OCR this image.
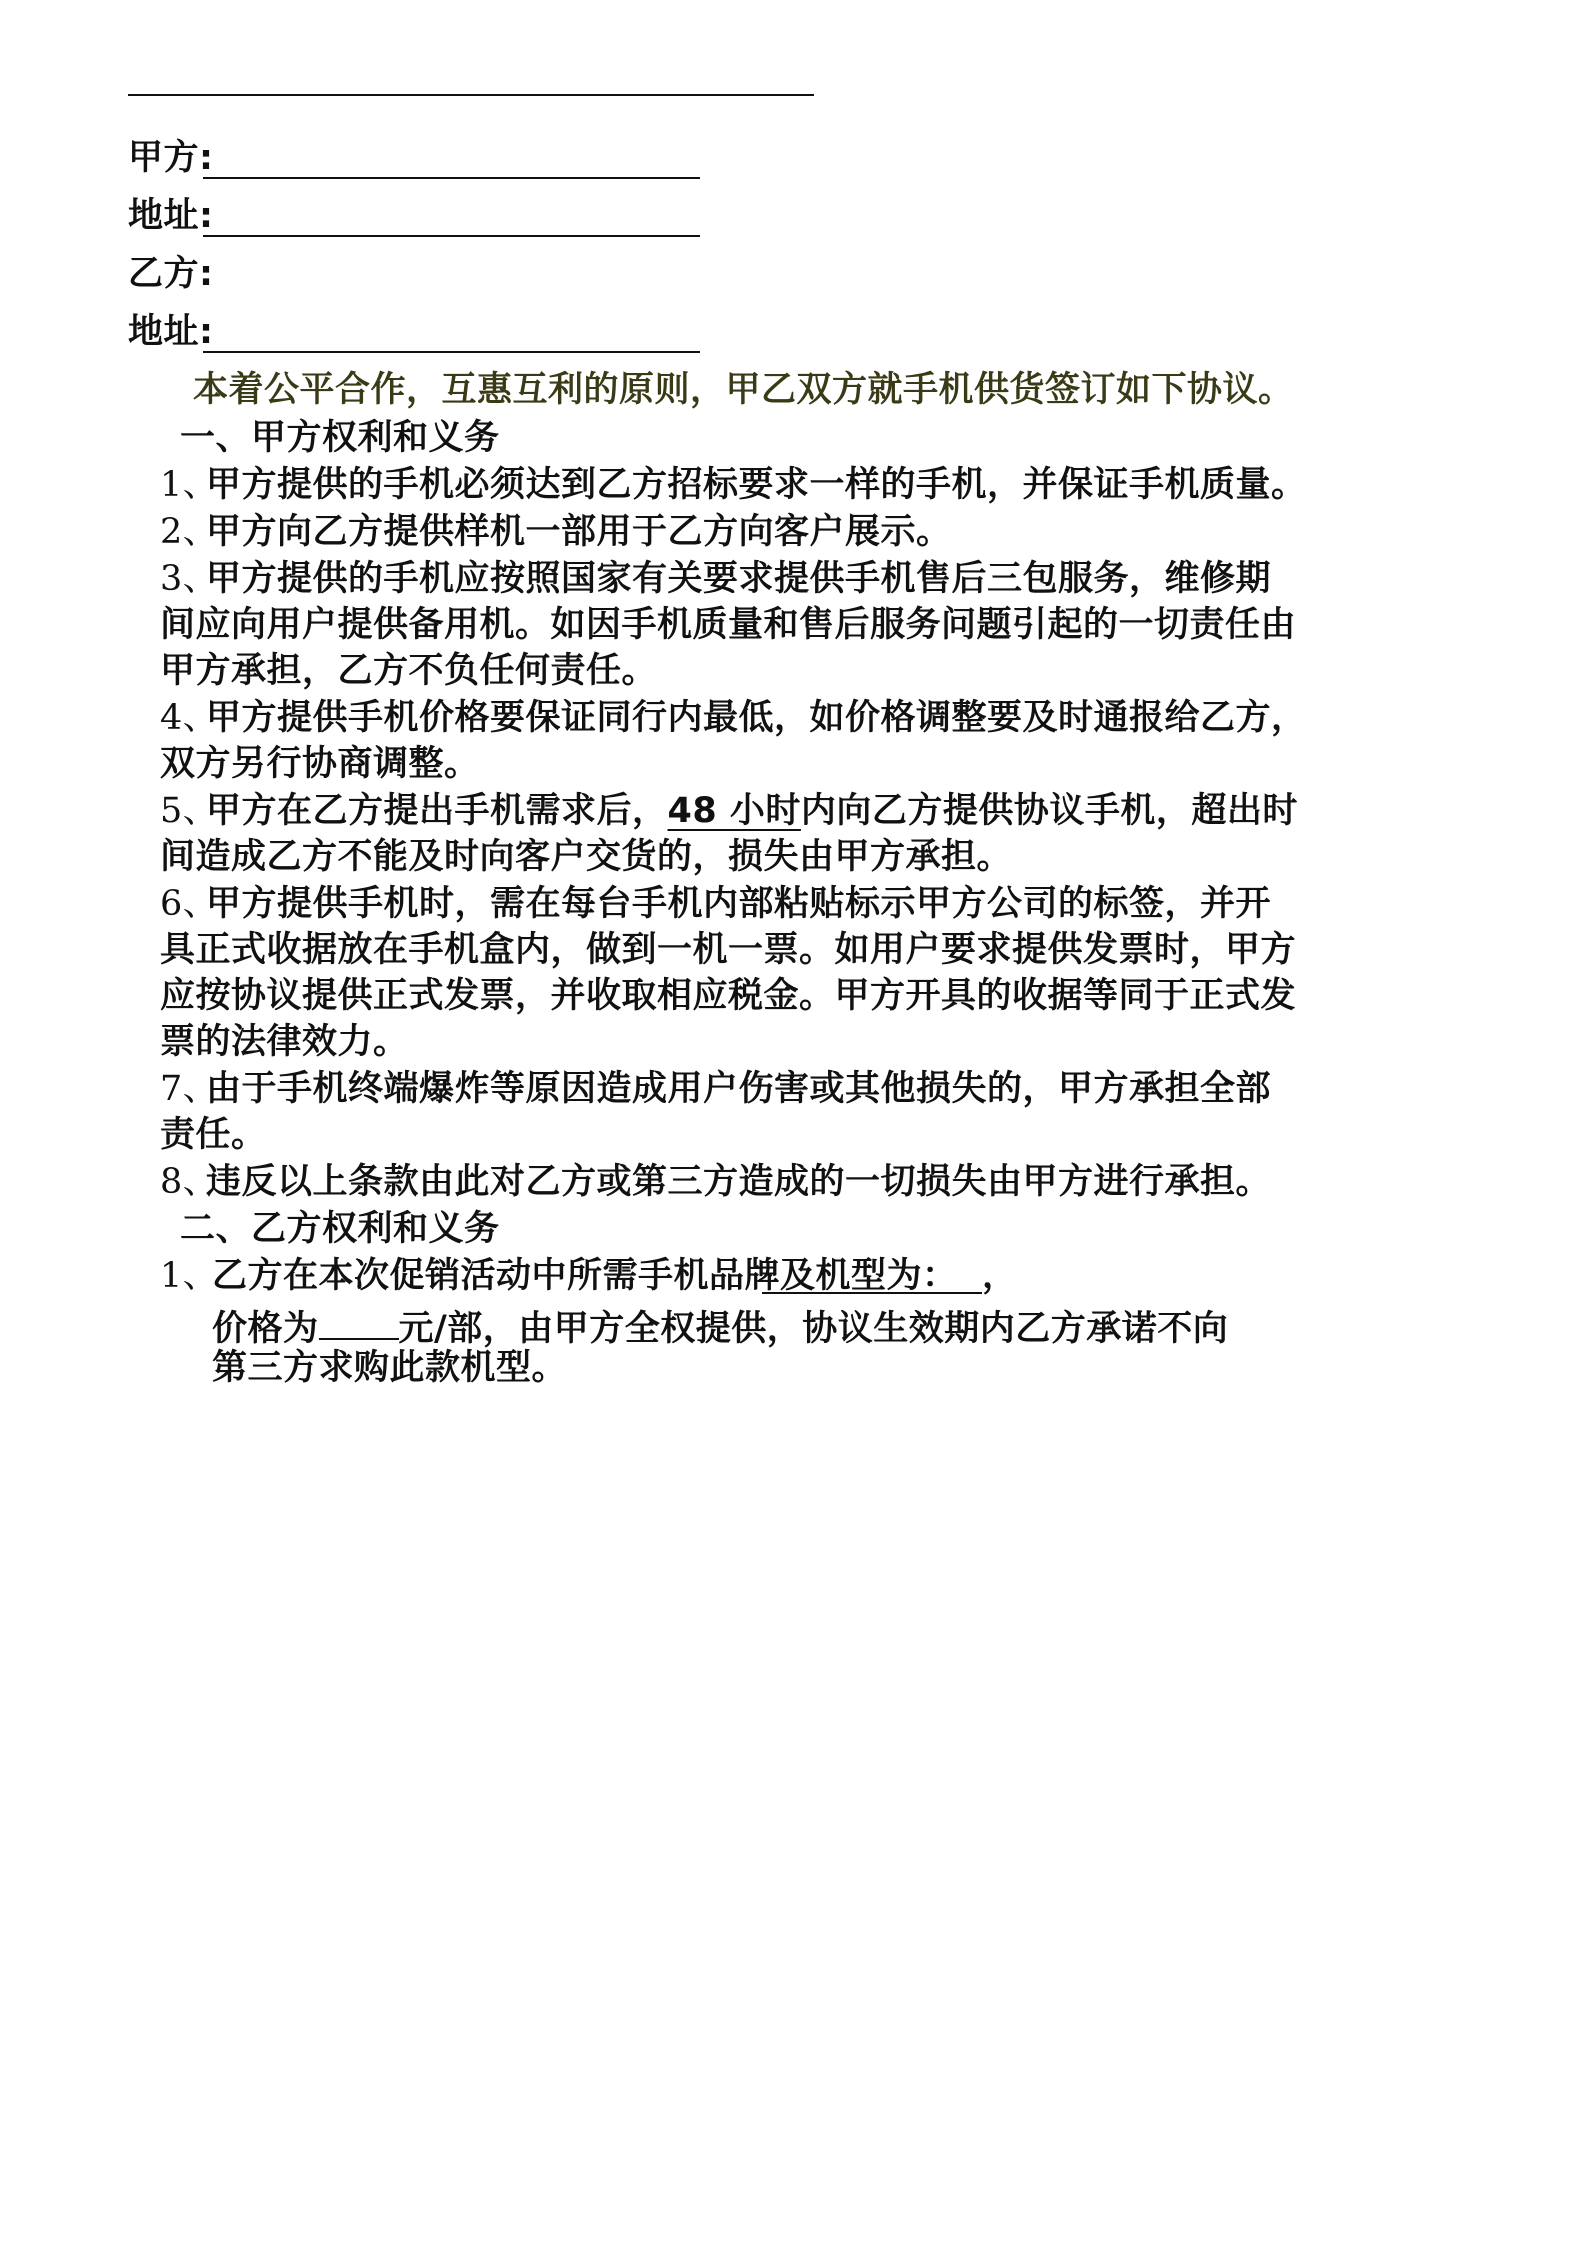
甲方:
地址:
乙方:
地址:
本着公平合作，互惠互利的原则，甲乙双方就手机供货签订如下协议。
一、甲方权利和义务
1、
甲方提供的手机必须达到乙方招标要求一样的手机，并保证手机质量。
2、
甲方向乙方提供样机一部用于乙方向客户展示。
3、
甲方提供的手机应按照国家有关要求提供手机售后三包服务，维修期
间应向用户提供备用机。如因手机质量和售后服务问题引起的一切责任由
甲方承担，乙方不负任何责任。
4、
甲方提供手机价格要保证同行内最低，如价格调整要及时通报给乙方，
双方另行协商调整。
5、
甲方在乙方提出手机需求后，48 小时内向乙方提供协议手机，超出时
间造成乙方不能及时向客户交货的，损失由甲方承担。
6、
甲方提供手机时，需在每台手机内部粘贴标示甲方公司的标签，并开
具正式收据放在手机盒内，做到一机一票。如用户要求提供发票时，甲方
应按协议提供正式发票，并收取相应税金。甲方开具的收据等同于正式发
票的法律效力。
7、
由于手机终端爆炸等原因造成用户伤害或其他损失的，甲方承担全部
责任。
8、
违反以上条款由此对乙方或第三方造成的一切损失由甲方进行承担。
二、乙方权利和义务
1、
乙方在本次促销活动中所需手机品牌及机型为： ，
价格为 元/部，由甲方全权提供，协议生效期内乙方承诺不向
第三方求购此款机型。
